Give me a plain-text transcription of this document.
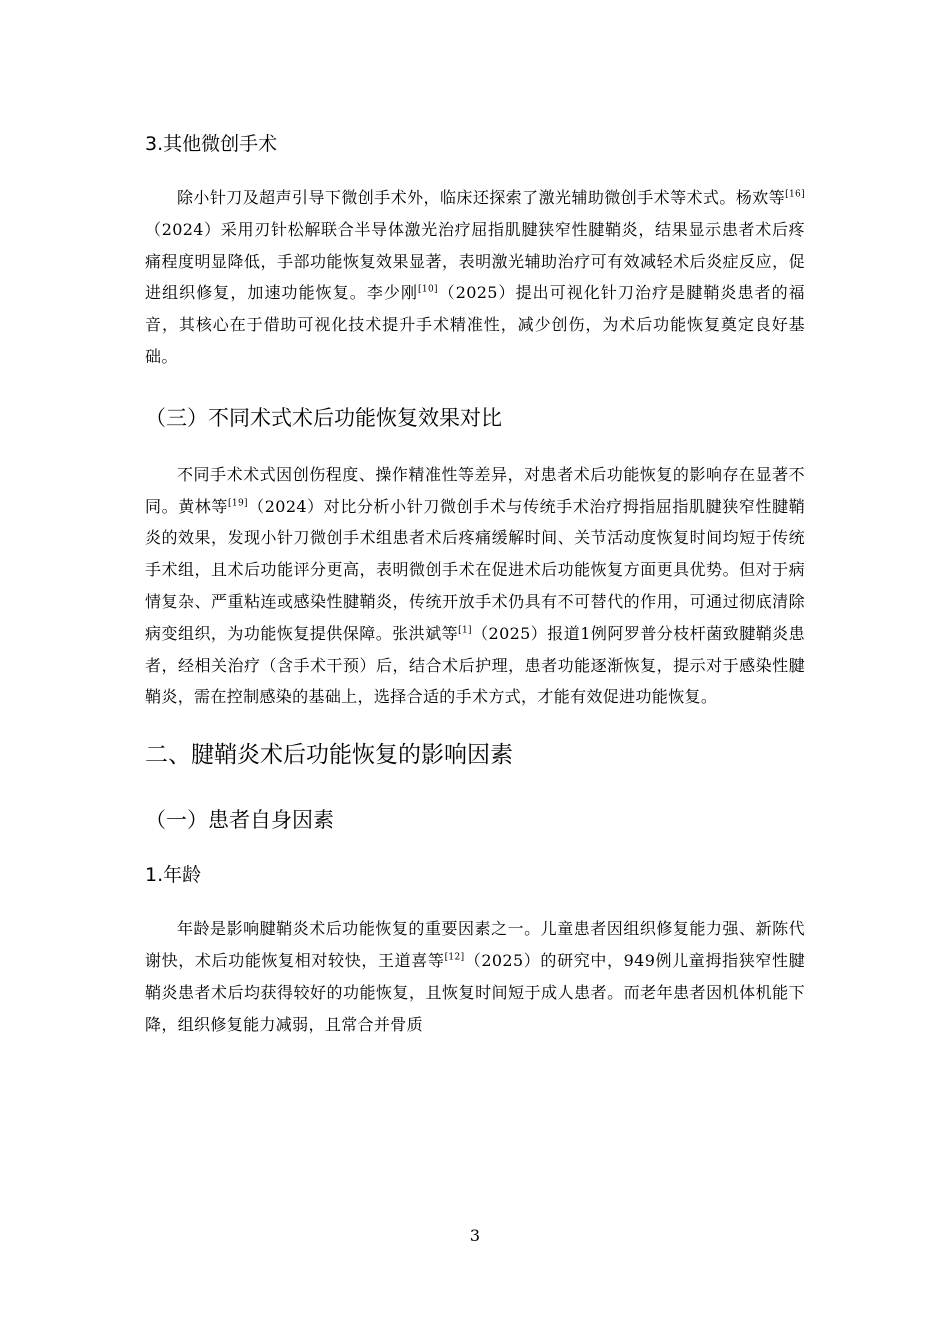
3.其他微创手术

除小针刀及超声引导下微创手术外，临床还探索了激光辅助微创手术等术式。杨欢等[16]（2024）采用刃针松解联合半导体激光治疗屈指肌腱狭窄性腱鞘炎，结果显示患者术后疼痛程度明显降低，手部功能恢复效果显著，表明激光辅助治疗可有效减轻术后炎症反应，促进组织修复，加速功能恢复。李少刚[10]（2025）提出可视化针刀治疗是腱鞘炎患者的福音，其核心在于借助可视化技术提升手术精准性，减少创伤，为术后功能恢复奠定良好基础。

（三）不同术式术后功能恢复效果对比

不同手术术式因创伤程度、操作精准性等差异，对患者术后功能恢复的影响存在显著不同。黄林等[19]（2024）对比分析小针刀微创手术与传统手术治疗拇指屈指肌腱狭窄性腱鞘炎的效果，发现小针刀微创手术组患者术后疼痛缓解时间、关节活动度恢复时间均短于传统手术组，且术后功能评分更高，表明微创手术在促进术后功能恢复方面更具优势。但对于病情复杂、严重粘连或感染性腱鞘炎，传统开放手术仍具有不可替代的作用，可通过彻底清除病变组织，为功能恢复提供保障。张洪斌等[1]（2025）报道1例阿罗普分枝杆菌致腱鞘炎患者，经相关治疗（含手术干预）后，结合术后护理，患者功能逐渐恢复，提示对于感染性腱鞘炎，需在控制感染的基础上，选择合适的手术方式，才能有效促进功能恢复。

二、腱鞘炎术后功能恢复的影响因素
（一）患者自身因素
1.年龄

年龄是影响腱鞘炎术后功能恢复的重要因素之一。儿童患者因组织修复能力强、新陈代谢快，术后功能恢复相对较快，王道喜等[12]（2025）的研究中，949例儿童拇指狭窄性腱鞘炎患者术后均获得较好的功能恢复，且恢复时间短于成人患者。而老年患者因机体机能下降，组织修复能力减弱，且常合并骨质

3
